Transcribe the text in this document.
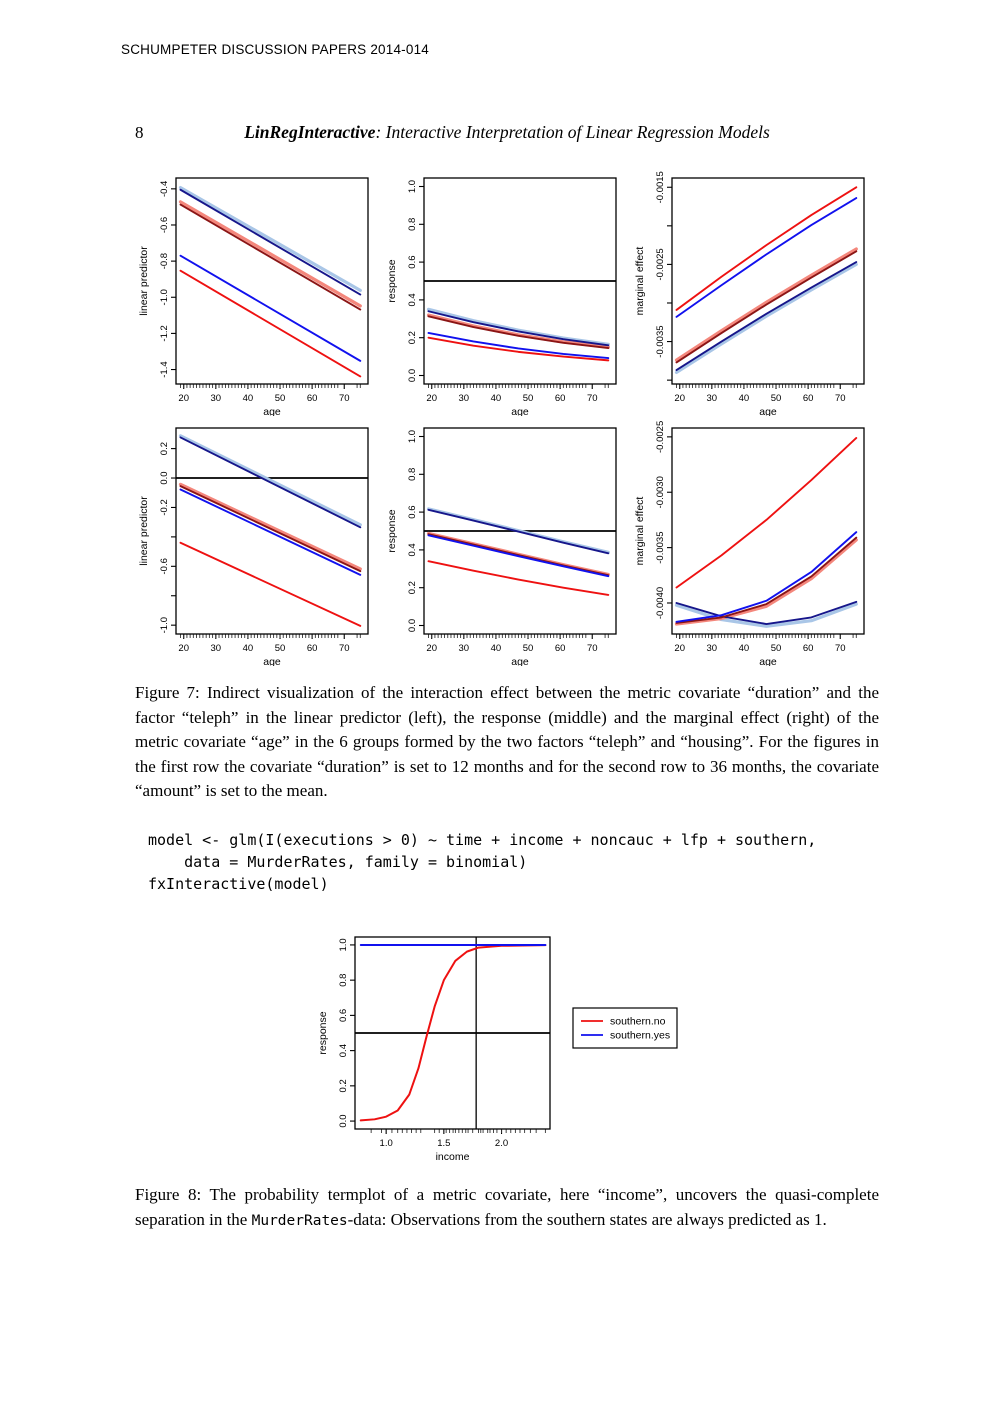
SCHUMPETER DISCUSSION PAPERS 2014-014
8	LinRegInteractive: Interactive Interpretation of Linear Regression Models
20 30 40 50 60 70
-0.4
-0.6
-0.8
-1.0
-1.2
-1.4
age
linear predictor
20 30 40 50 60 70
0.0
0.2
0.4
0.6
0.8
1.0
age
response
20 30 40 50 60 70
-0.0015
-0.0025
-0.0035
age
marginal effect
20 30 40 50 60 70
0.2
0.0
-0.2
-0.6
-1.0
age
linear predictor
20 30 40 50 60 70
0.0
0.2
0.4
0.6
0.8
1.0
age
response
20 30 40 50 60 70
-0.0025
-0.0030
-0.0035
-0.0040
age
marginal effect

Figure 7: Indirect visualization of the interaction effect between the metric covariate “duration” and the factor “teleph” in the linear predictor (left), the response (middle) and the marginal effect (right) of the metric covariate “age” in the 6 groups formed by the two factors “teleph” and “housing”. For the figures in the first row the covariate “duration” is set to 12 months and for the second row to 36 months, the covariate “amount” is set to the mean.

model <- glm(I(executions > 0) ~ time + income + noncauc + lfp + southern,
data = MurderRates, family = binomial)
fxInteractive(model)
1.0	1.5	2.0
0.0
0.2
0.4
0.6
0.8
1.0
income
response	southern.no
southern.yes

Figure 8: The probability termplot of a metric covariate, here “income”, uncovers the quasi-complete separation in the MurderRates-data: Observations from the southern states are always predicted as 1.
